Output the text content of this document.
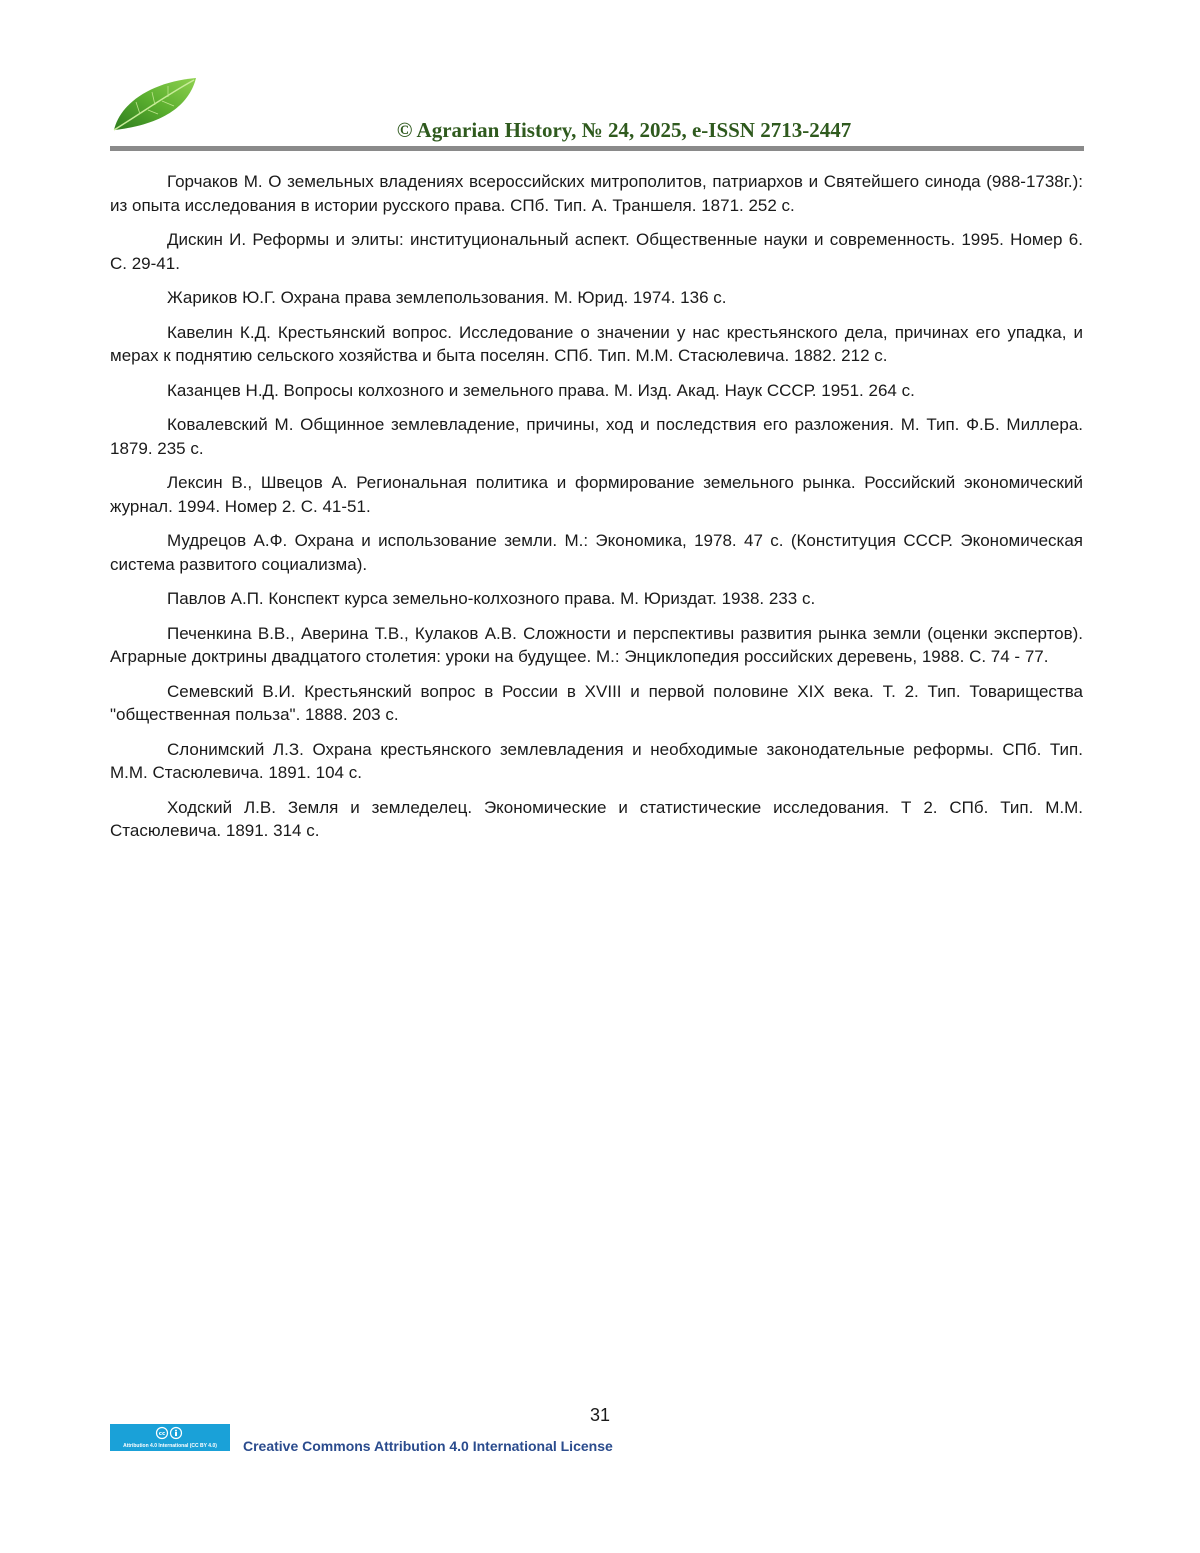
© Agrarian History, № 24, 2025, e-ISSN 2713-2447

Горчаков М. О земельных владениях всероссийских митрополитов, патриархов и Святейшего синода (988-1738г.): из опыта исследования в истории русского права. СПб. Тип. А. Траншеля. 1871. 252 с.

Дискин И. Реформы и элиты: институциональный аспект. Общественные науки и современность. 1995. Номер 6. С. 29-41.

Жариков Ю.Г. Охрана права землепользования. М. Юрид. 1974. 136 с.

Кавелин К.Д. Крестьянский вопрос. Исследование о значении у нас крестьянского дела, причинах его упадка, и мерах к поднятию сельского хозяйства и быта поселян. СПб. Тип. М.М. Стасюлевича. 1882. 212 с.

Казанцев Н.Д. Вопросы колхозного и земельного права. М. Изд. Акад. Наук СССР. 1951. 264 с.

Ковалевский М. Общинное землевладение, причины, ход и последствия его разложения. М. Тип. Ф.Б. Миллера. 1879. 235 с.

Лексин В., Швецов А. Региональная политика и формирование земельного рынка. Российский экономический журнал. 1994. Номер 2. С. 41-51.

Мудрецов А.Ф. Охрана и использование земли. М.: Экономика, 1978. 47 с. (Конституция СССР. Экономическая система развитого социализма).

Павлов А.П. Конспект курса земельно-колхозного права. М. Юриздат. 1938. 233 с.

Печенкина В.В., Аверина Т.В., Кулаков А.В. Сложности и перспективы развития рынка земли (оценки экспертов). Аграрные доктрины двадцатого столетия: уроки на будущее. М.: Энциклопедия российских деревень, 1988. С. 74 - 77.

Семевский В.И. Крестьянский вопрос в России в XVIII и первой половине XIX века. Т. 2. Тип. Товарищества "общественная польза". 1888. 203 с.

Слонимский Л.З. Охрана крестьянского землевладения и необходимые законодательные реформы. СПб. Тип. М.М. Стасюлевича. 1891. 104 с.

Ходский Л.В. Земля и земледелец. Экономические и статистические исследования. Т 2. СПб. Тип. М.М. Стасюлевича. 1891. 314 с.

31
cc
Attribution 4.0 International (CC BY 4.0)	Creative Commons Attribution 4.0 International License
